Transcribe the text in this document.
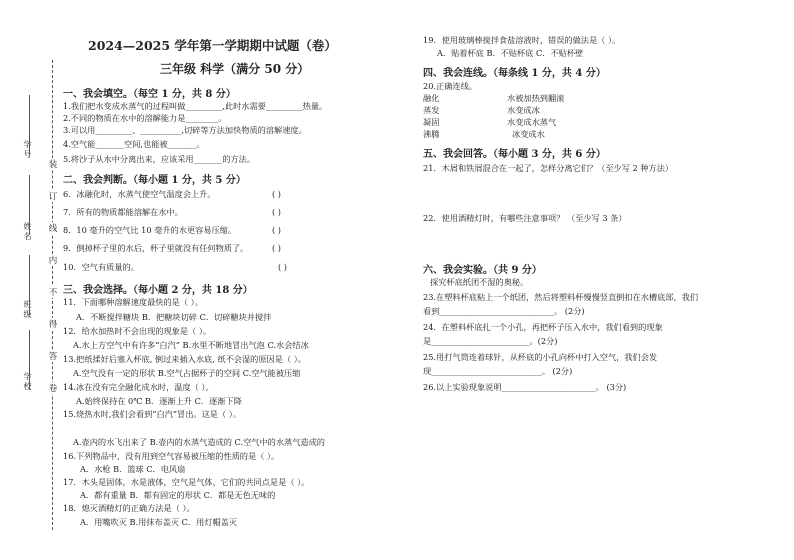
学号
姓名
班级
学校
装
订
线
内
不
得
答
卷
2024—2025 学年第一学期期中试题（卷）
三年级 科学（满分 50 分）
一、我会填空。（每空 1 分，共 8 分）
1.我们把水变成水蒸气的过程叫做_________,此时水需要_________热量。
2.不同的物质在水中的溶解能力是________。
3.可以用_________、__________,切碎等方法加快物质的溶解速度。
4.空气能_______空间,也能被_______。
5.将沙子从水中分离出来，应该采用_______的方法。
二、我会判断。（每小题 1 分，共 5 分）
6．冰融化时，水蒸气使空气温度会上升。	( )
7．所有的物质都能溶解在水中。	( )
8．10 毫升的空气比 10 毫升的水更容易压缩。	( )
9．倒掉杯子里的水后，杯子里就没有任何物质了。	( )
10．空气有质量的。	( )
三、我会选择。（每小题 2 分，共 18 分）
11．下面哪种溶解速度最快的是（ ）。
A．不断搅拌糖块 B．把糖块切碎 C．切碎糖块并搅拌
12．给水加热时不会出现的现象是（ ）。
A.水上方空气中有许多“白汽” B.水里不断地冒出气泡 C.水会结冰
13.把纸揉好后塞入杯底, 倒过来插入水底, 纸不会湿的原因是（ ）。
A.空气没有一定的形状 B.空气占据杯子的空间 C.空气能被压缩
14.冰在没有完全融化成水时，温度（ ）。
A.始终保持在 0℃ B．逐渐上升 C．逐渐下降
15.烧热水时,我们会看到“白汽”冒出。这是（ ）。
A.壶内的水飞出来了 B.壶内的水蒸气造成的 C.空气中的水蒸气造成的
16.下列物品中，没有用到空气容易被压缩的性质的是（ ）。
A．水枪 B．篮球 C．电风扇
17．木头是固体，水是液体，空气是气体，它们的共同点是是（ ）。
A．都有重量 B．都有固定的形状 C．都是无色无味的
18．熄灭酒精灯的正确方法是（ ）。
A．用嘴吹灭 B.用抹布盖灭 C．用灯帽盖灭
19．使用玻璃棒搅拌食盐溶液时，错误的做法是（ ）。
A．贴着杯底 B．不贴杯底 C．不贴杯壁
四、我会连线。（每条线 1 分，共 4 分）
20.正确连线。
融化
蒸发
凝固
沸腾
水被加热到翻滚
水变成冰
水变成水蒸气
冰变成水
五、我会回答。（每小题 3 分，共 6 分）
21．木屑和铁屑混合在一起了，怎样分离它们？（至少写 2 种方法）
22．使用酒精灯时，有哪些注意事项？ （至少写 3 条）
六、我会实验。（共 9 分）
探究杯底纸团不湿的奥秘。
23.在塑料杯底粘上一个纸团，然后将塑料杯慢慢竖直倒扣在水槽底部，我们
看到____________________________。 (2分)
24．在塑料杯底扎一个小孔，再把杯子压入水中，我们看到的现象
是________________________。(2分)
25.用打气筒连着球针，从杯底的小孔向杯中打入空气，我们会发
现___________________________。 (2分)
26.以上实验现象说明_______________________。 (3分)
